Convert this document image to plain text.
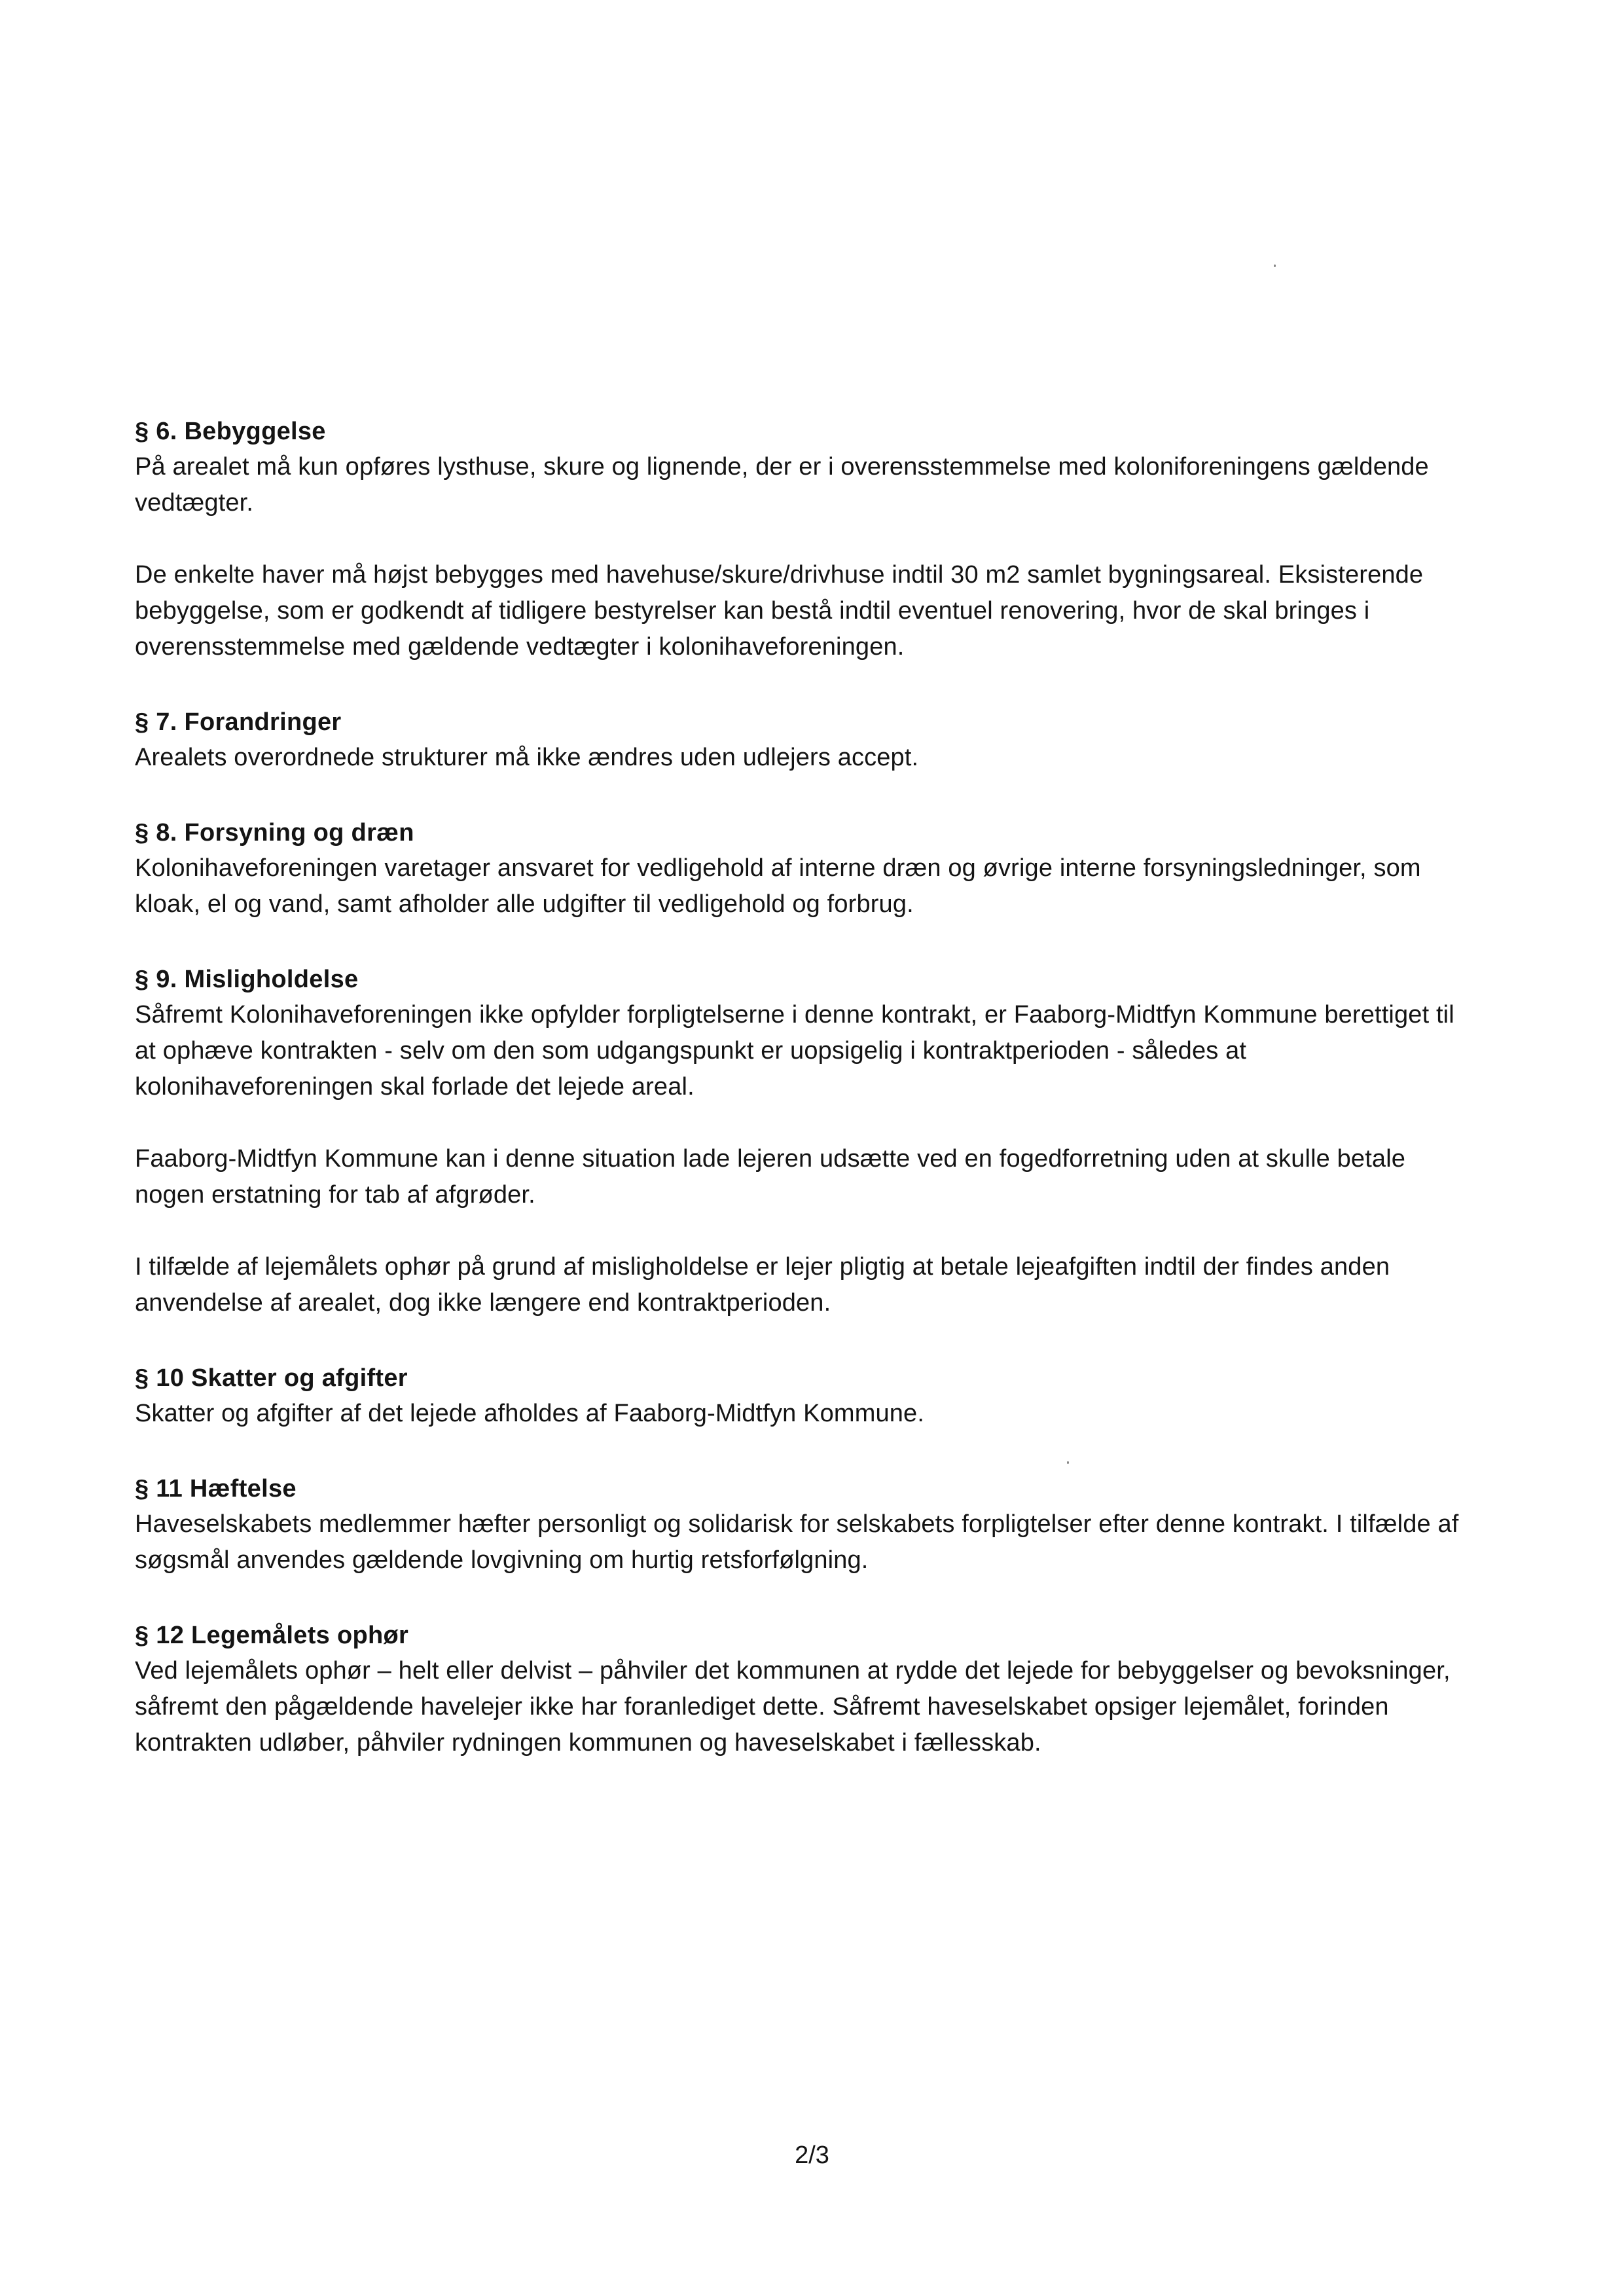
§ 6. Bebyggelse

På arealet må kun opføres lysthuse, skure og lignende, der er i overensstemmelse med koloniforeningens gældende vedtægter.

De enkelte haver må højst bebygges med havehuse/skure/drivhuse indtil 30 m2 samlet bygningsareal. Eksisterende bebyggelse, som er godkendt af tidligere bestyrelser kan bestå indtil eventuel renovering, hvor de skal bringes i overensstemmelse med gældende vedtægter i kolonihaveforeningen.

§ 7. Forandringer

Arealets overordnede strukturer må ikke ændres uden udlejers accept.

§ 8. Forsyning og dræn

Kolonihaveforeningen varetager ansvaret for vedligehold af interne dræn og øvrige interne forsyningsledninger, som kloak, el og vand, samt afholder alle udgifter til vedligehold og forbrug.

§ 9. Misligholdelse

Såfremt Kolonihaveforeningen ikke opfylder forpligtelserne i denne kontrakt, er Faaborg-Midtfyn Kommune berettiget til at ophæve kontrakten - selv om den som udgangspunkt er uopsigelig i kontraktperioden - således at kolonihaveforeningen skal forlade det lejede areal.

Faaborg-Midtfyn Kommune kan i denne situation lade lejeren udsætte ved en fogedforretning uden at skulle betale nogen erstatning for tab af afgrøder.

I tilfælde af lejemålets ophør på grund af misligholdelse er lejer pligtig at betale lejeafgiften indtil der findes anden anvendelse af arealet, dog ikke længere end kontraktperioden.

§ 10 Skatter og afgifter

Skatter og afgifter af det lejede afholdes af Faaborg-Midtfyn Kommune.

§ 11 Hæftelse

Haveselskabets medlemmer hæfter personligt og solidarisk for selskabets forpligtelser efter denne kontrakt. I tilfælde af søgsmål anvendes gældende lovgivning om hurtig retsforfølgning.

§ 12 Legemålets ophør

Ved lejemålets ophør – helt eller delvist – påhviler det kommunen at rydde det lejede for bebyggelser og bevoksninger, såfremt den pågældende havelejer ikke har foranlediget dette. Såfremt haveselskabet opsiger lejemålet, forinden kontrakten udløber, påhviler rydningen kommunen og haveselskabet i fællesskab.

2/3
